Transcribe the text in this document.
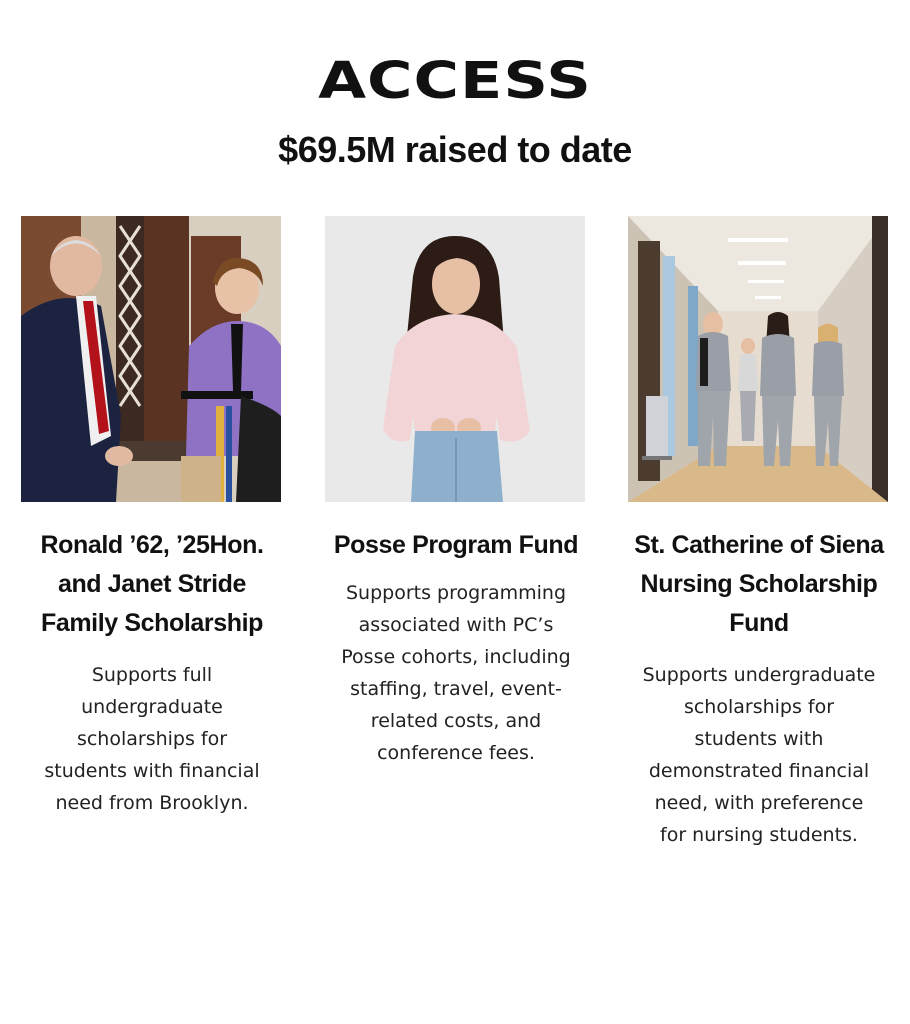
ACCESS
$69.5M raised to date
Ronald ’62, ’25Hon.
and Janet Stride
Family Scholarship
Supports full
undergraduate
scholarships for
students with financial
need from Brooklyn.
Posse Program Fund
Supports programming
associated with PC’s
Posse cohorts, including
staffing, travel, event-
related costs, and
conference fees.
St. Catherine of Siena
Nursing Scholarship
Fund
Supports undergraduate
scholarships for
students with
demonstrated financial
need, with preference
for nursing students.
